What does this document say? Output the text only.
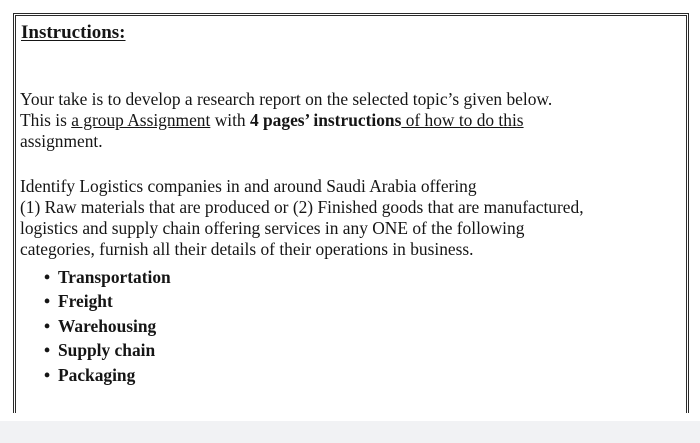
Instructions:
Your take is to develop a research report on the selected topic’s given below.
This is a group Assignment with 4 pages’ instructions of how to do this
assignment.
Identify Logistics companies in and around Saudi Arabia offering
(1) Raw materials that are produced or (2) Finished goods that are manufactured,
logistics and supply chain offering services in any ONE of the following
categories, furnish all their details of their operations in business.
• Transportation
• Freight
• Warehousing
• Supply chain
• Packaging
